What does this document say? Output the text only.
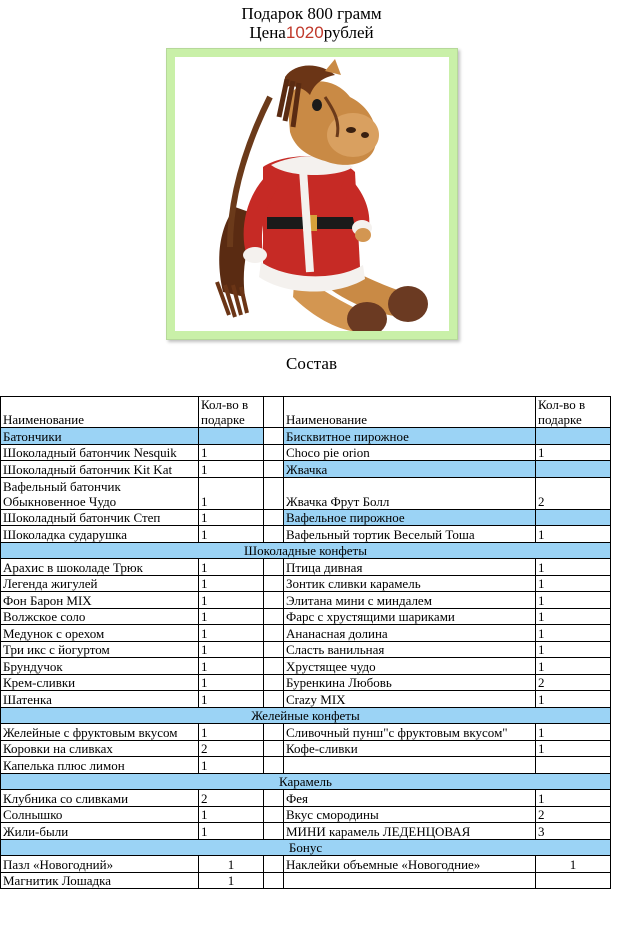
Подарок 800 грамм
Цена1020рублей
Состав
Наименование	Кол-во в подарке		Наименование	Кол-во в подарке
Батончики			Бисквитное пирожное	
Шоколадный батончик Nesquik	1		Choco pie orion	1
Шоколадный батончик Kit Kat	1		Жвачка	
Вафельный батончик Обыкновенное Чудо	1		Жвачка Фрут Болл	2
Шоколадный батончик Степ	1		Вафельное пирожное	
Шоколадка сударушка	1		Вафельный тортик Веселый Тоша	1
Шоколадные конфеты				
Арахис в шоколаде Трюк	1		Птица дивная	1
Легенда жигулей	1		Зонтик сливки карамель	1
Фон Барон MIX	1		Элитана мини с миндалем	1
Волжское соло	1		Фарс с хрустящими шариками	1
Медунок с орехом	1		Ананасная долина	1
Три икс с йогуртом	1		Сласть ванильная	1
Брундучок	1		Хрустящее чудо	1
Крем-сливки	1		Буренкина Любовь	2
Шатенка	1		Crazy MIX	1
Желейные конфеты				
Желейные с фруктовым вкусом	1		Сливочный пунш"с фруктовым вкусом"	1
Коровки на сливках	2		Кофе-сливки	1
Капелька плюс лимон	1			
Карамель				
Клубника со сливками	2		Фея	1
Солнышко	1		Вкус смородины	2
Жили-были	1		МИНИ карамель ЛЕДЕНЦОВАЯ	3
Бонус				
Пазл «Новогодний»	1		Наклейки объемные «Новогодние»	1
Магнитик Лошадка	1			
